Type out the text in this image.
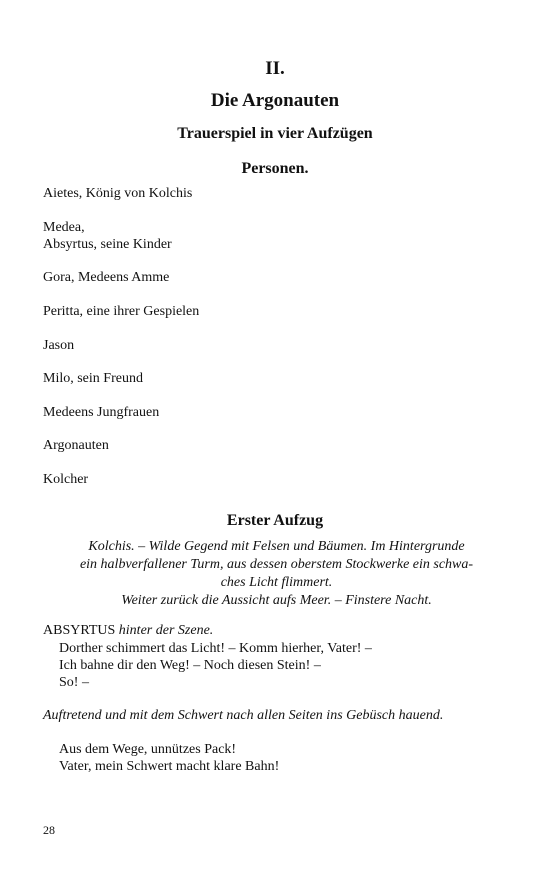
II.
Die Argonauten
Trauerspiel in vier Aufzügen
Personen.
Aietes, König von Kolchis
Medea,
Absyrtus, seine Kinder
Gora, Medeens Amme
Peritta, eine ihrer Gespielen
Jason
Milo, sein Freund
Medeens Jungfrauen
Argonauten
Kolcher
Erster Aufzug
Kolchis. – Wilde Gegend mit Felsen und Bäumen. Im Hintergrunde
ein halbverfallener Turm, aus dessen oberstem Stockwerke ein schwa-
ches Licht flimmert.
Weiter zurück die Aussicht aufs Meer. – Finstere Nacht.
ABSYRTUS hinter der Szene.
Dorther schimmert das Licht! – Komm hierher, Vater! –
Ich bahne dir den Weg! – Noch diesen Stein! –
So! –
Auftretend und mit dem Schwert nach allen Seiten ins Gebüsch hauend.
Aus dem Wege, unnützes Pack!
Vater, mein Schwert macht klare Bahn!
28
